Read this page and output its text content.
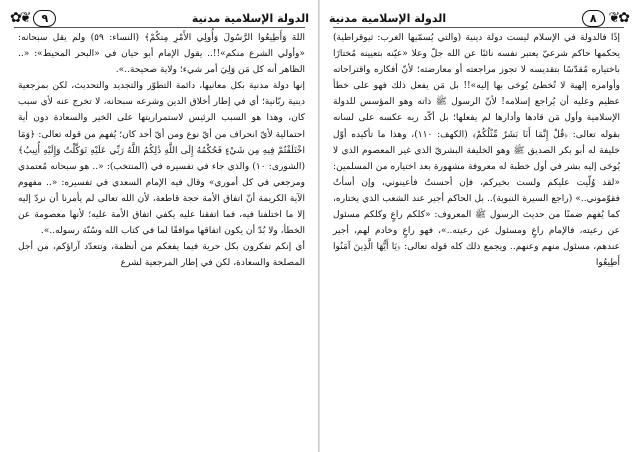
الدولة الإسلامية مدنية
٩
❦✿

اللهَ وَأَطِيعُوا الرَّسُولَ وَأُولِي الأَمْرِ مِنكُمْ﴾ (النساء: ٥٩) ولم يقل سبحانه: «وأولي الشرع منكم»!!.. يقول الإمام أبو حيان في «البحر المحيط»: «.. الظاهر أنه كل مَن وَلِيَ أمر شيء؛ ولاية صحيحة..».

إنها دولة مدنية بكل معانيها، دائمة التطوّر والتجديد والتحديث، لكن بمرجعية دينية ربّانية؛ أي في إطار أخلاق الدين وشرعه سبحانه، لا تخرج عنه لأي سبب كان، وهذا هو السبب الرئيس لاستمراريتها على الخير والسعادة دون أية احتمالية لأيّ انحراف من أيّ نوع ومن أيّ أحد كان؛ يُفهم من قوله تعالى: ﴿وَمَا اخْتَلَفْتُمْ فِيهِ مِن شَيْءٍ فَحُكْمُهُ إِلَى اللَّهِ ذَٰلِكُمُ اللَّهُ رَبِّي عَلَيْهِ تَوَكَّلْتُ وَإِلَيْهِ أُنِيبُ﴾ (الشورى: ١٠) والذي جاء في تفسيره في (المنتخب): «.. هو سبحانه مُعتمدي ومرجعي في كل أموري» وقال فيه الإمام السعدي في تفسيره: «.. مفهوم الآية الكريمة أنّ اتفاق الأمة حجة قاطعة، لأن الله تعالى لم يأمرنا أن نردّ إليه إلا ما اختلفنا فيه، فما اتفقنا عليه يكفي اتفاق الأمة عليه؛ لأنها معصومة عن الخطأ، ولا بُدّ أن يكون اتفاقها موافقًا لما في كتاب الله وسُنّة رسوله..».

أي إنكم تفكرون بكل حرية فيما يفعكم من أنظمة، وتتعدّد آراؤكم، من أجل المصلحة والسعادة، لكن في إطار المرجعية لشرع

✿❦
٨
الدولة الإسلامية مدنية

إذًا فالدولة في الإسلام ليست دولة دينية (والتي يُسمّيها الغرب: ثيوقراطية) يحكمها حاكم شرعيّ يعتبر نفسه نائبًا عن الله جلّ وعلا «عيّنه بتعيينه مُختارًا باختياره مُقدّسًا بتقديسه لا تجوز مراجعته أو معارضته؛ لأنّ أفكاره واقتراحاته وأوامره إلهية لا تُخطئ يُوحَى بها إليه»!! بل مَن يفعل ذلك فهو على خطأ عظيم وعليه أن يُراجع إسلامه! لأنّ الرسول ﷺ ذاته وهو المؤسس للدولة الإسلامية وأول مَن قادها وأدارها لم يفعلها؛ بل أكّد ربه عكسه على لسانه بقوله تعالى: ﴿قُلْ إِنَّمَا أَنَا بَشَرٌ مِّثْلُكُمْ﴾ (الكهف: ١١٠)، وهذا ما تأكيده أوّل خليفة له أبو بكر الصديق ﷺ وهو الخليفة البشريّ الذي غير المعصوم الذي لا يُوحَى إليه بشر في أول خطبة له معروفة مشهورة بعد اختياره من المسلمين: «لقد وُلّيت عليكم ولست بخيركم، فإن أحسنتُ فأعينوني، وإن أسأتُ فقوّموني..» (راجع السيرة النبوية).. بل الحاكم أجير عند الشعب الذي يختاره، كما يُفهم ضمنًا من حديث الرسول ﷺ المعروف: «كلكم راعٍ وكلكم مسئول عن رعيته، فالإمام راعٍ ومسئول عن رعيته..»، فهو راعٍ وخادم لهم، أجير عندهم، مسئول منهم وعنهم.. ويجمع ذلك كله قوله تعالى: ﴿يَا أَيُّهَا الَّذِينَ آمَنُوا أَطِيعُوا
